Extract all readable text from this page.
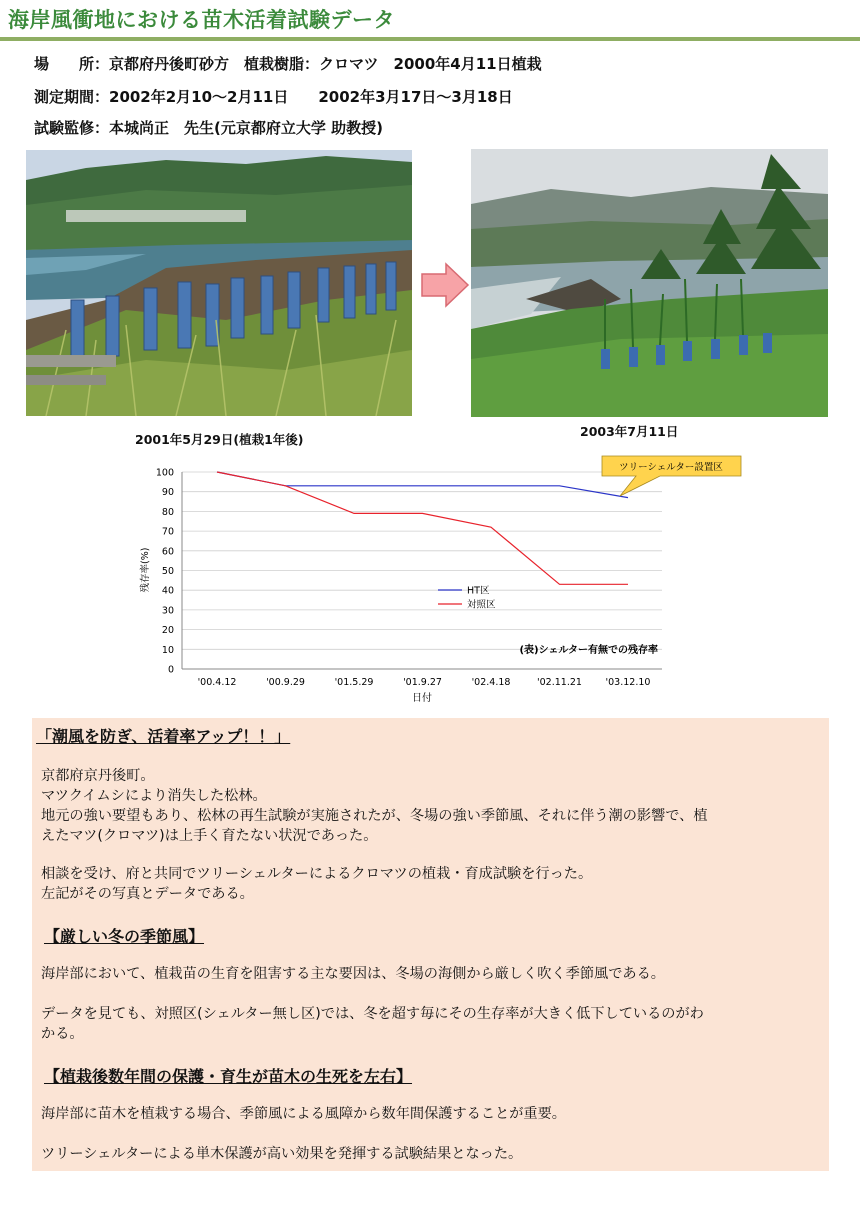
海岸風衝地における苗木活着試験データ
場　　所：京都府丹後町砂方　植栽樹脂：クロマツ　2000年4月11日植栽
測定期間：2002年2月10～2月11日　　2002年3月17日～3月18日
試験監修：本城尚正　先生(元京都府立大学 助教授)
2001年5月29日(植栽1年後)
2003年7月11日
0
10
20
30
40
50
60
70
80
90
100
'00.4.12	'00.9.29	'01.5.29	'01.9.27	'02.4.18	'02.11.21 '03.12.10
残存率(%)
日付
HT区
対照区
(表)シェルター有無での残存率
ツリーシェルター設置区
「潮風を防ぎ、活着率アップ！！」
京都府京丹後町。
マツクイムシにより消失した松林。
地元の強い要望もあり、松林の再生試験が実施されたが、冬場の強い季節風、それに伴う潮の影響で、植
えたマツ(クロマツ)は上手く育たない状況であった。
相談を受け、府と共同でツリーシェルターによるクロマツの植栽・育成試験を行った。
左記がその写真とデータである。
【厳しい冬の季節風】
海岸部において、植栽苗の生育を阻害する主な要因は、冬場の海側から厳しく吹く季節風である。
データを見ても、対照区(シェルター無し区)では、冬を超す毎にその生存率が大きく低下しているのがわ
かる。
【植栽後数年間の保護・育生が苗木の生死を左右】
海岸部に苗木を植栽する場合、季節風による風障から数年間保護することが重要。
ツリーシェルターによる単木保護が高い効果を発揮する試験結果となった。
